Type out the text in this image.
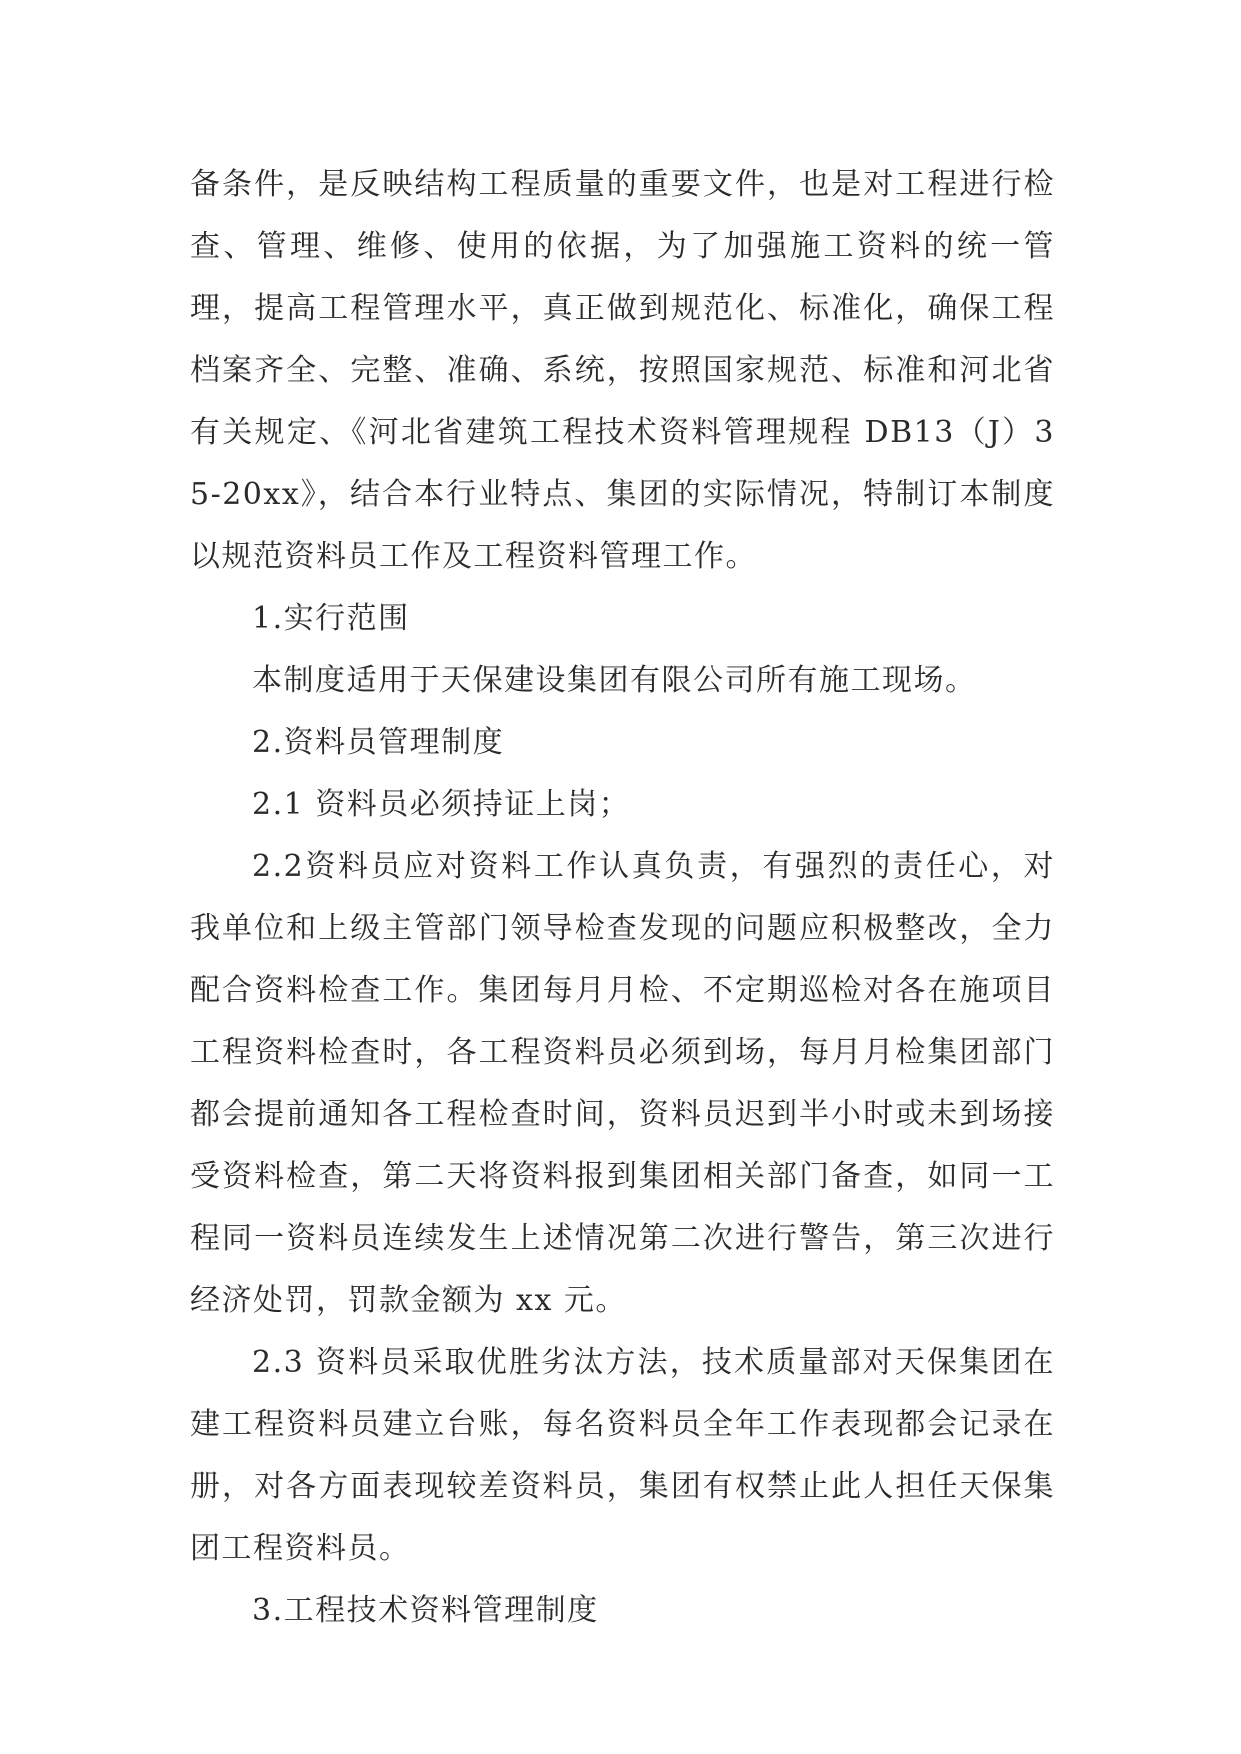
备条件，是反映结构工程质量的重要文件，也是对工程进行检查、管理、维修、使用的依据，为了加强施工资料的统一管理，提高工程管理水平，真正做到规范化、标准化，确保工程档案齐全、完整、准确、系统，按照国家规范、标准和河北省有关规定、《河北省建筑工程技术资料管理规程 DB13（J）35-20xx》，结合本行业特点、集团的实际情况，特制订本制度以规范资料员工作及工程资料管理工作。

1.实行范围

本制度适用于天保建设集团有限公司所有施工现场。

2.资料员管理制度

2.1 资料员必须持证上岗；

2.2资料员应对资料工作认真负责，有强烈的责任心，对我单位和上级主管部门领导检查发现的问题应积极整改，全力配合资料检查工作。集团每月月检、不定期巡检对各在施项目工程资料检查时，各工程资料员必须到场，每月月检集团部门都会提前通知各工程检查时间，资料员迟到半小时或未到场接受资料检查，第二天将资料报到集团相关部门备查，如同一工程同一资料员连续发生上述情况第二次进行警告，第三次进行经济处罚，罚款金额为 xx 元。

2.3 资料员采取优胜劣汰方法，技术质量部对天保集团在建工程资料员建立台账，每名资料员全年工作表现都会记录在册，对各方面表现较差资料员，集团有权禁止此人担任天保集团工程资料员。

3.工程技术资料管理制度
